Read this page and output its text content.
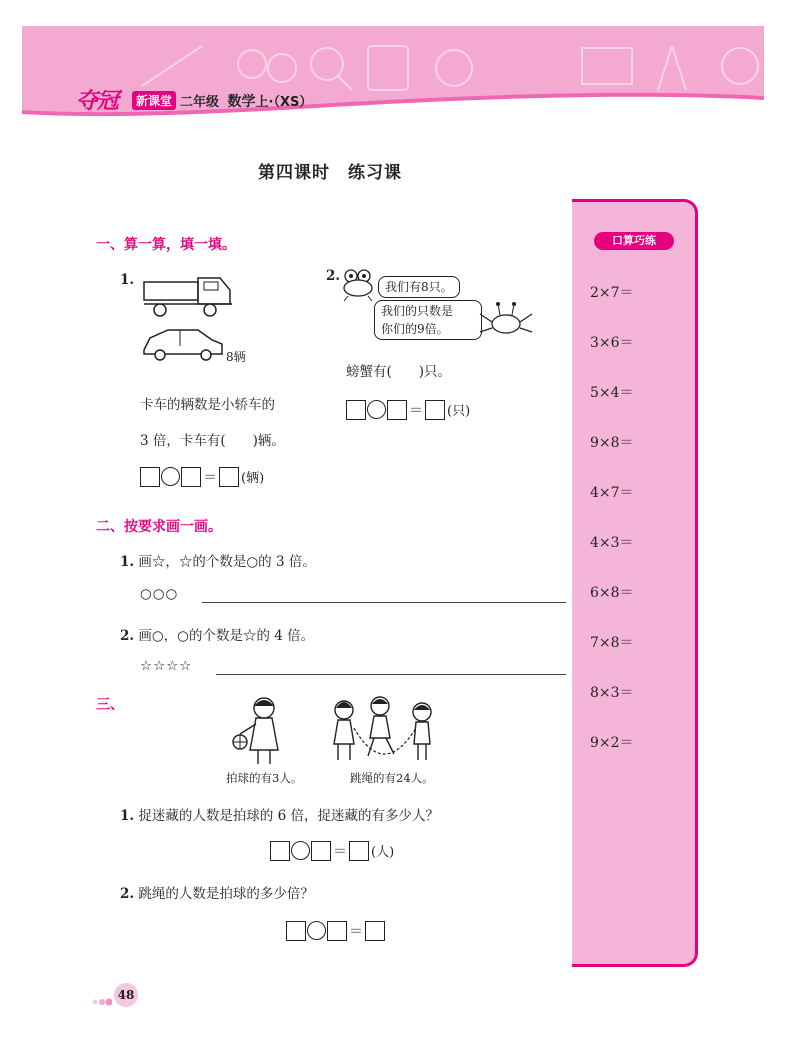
夺冠	新课堂 二年级 数学上·（XS）
第四课时　练习课
一、算一算，填一填。
1.
8辆
卡车的辆数是小轿车的
3 倍，卡车有(　　)辆。
＝ (辆)
2.
我们有8只。
我们的只数是
你们的9倍。
螃蟹有(　　)只。
＝ (只)
二、按要求画一画。
1. 画☆，☆的个数是○的 3 倍。
○○○
2. 画○，○的个数是☆的 4 倍。
☆☆☆☆
三、
拍球的有3人。	跳绳的有24人。
1. 捉迷藏的人数是拍球的 6 倍，捉迷藏的有多少人？
＝ (人)
2. 跳绳的人数是拍球的多少倍？
＝
口算巧练
2×7＝
3×6＝
5×4＝
9×8＝
4×7＝
4×3＝
6×8＝
7×8＝
8×3＝
9×2＝
48
